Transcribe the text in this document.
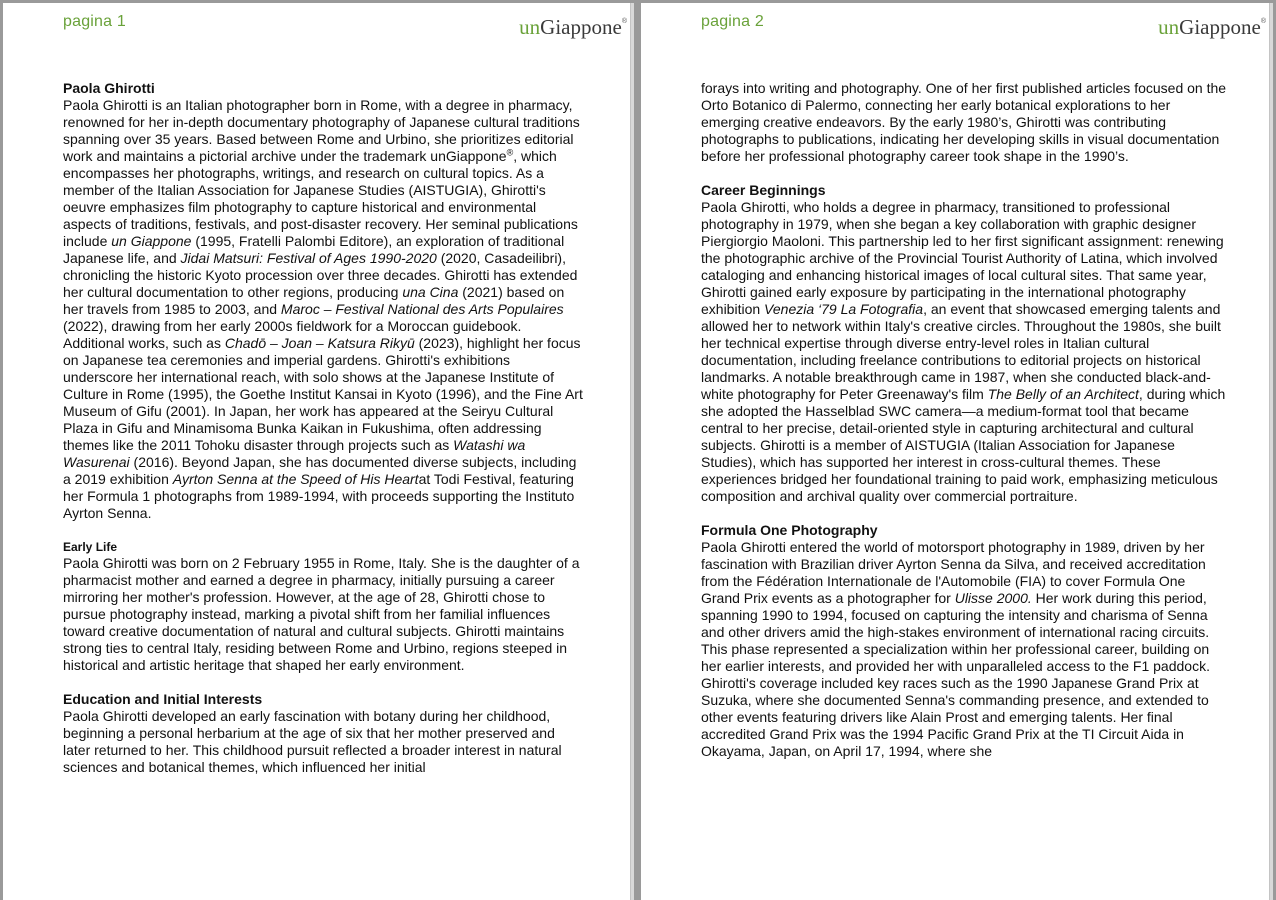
pagina 1	unGiappone®
Paola Ghirotti

Paola Ghirotti is an Italian photographer born in Rome, with a degree in pharmacy, renowned for her in-depth documentary photography of Japanese cultural traditions spanning over 35 years. Based between Rome and Urbino, she prioritizes editorial work and maintains a pictorial archive under the trademark unGiappone®, which encompasses her photographs, writings, and research on cultural topics. As a member of the Italian Association for Japanese Studies (AISTUGIA), Ghirotti's oeuvre emphasizes film photography to capture historical and environmental aspects of traditions, festivals, and post-disaster recovery. Her seminal publications include un Giappone (1995, Fratelli Palombi Editore), an exploration of traditional Japanese life, and Jidai Matsuri: Festival of Ages 1990-2020 (2020, Casadeilibri), chronicling the historic Kyoto procession over three decades. Ghirotti has extended her cultural documentation to other regions, producing una Cina (2021) based on her travels from 1985 to 2003, and Maroc – Festival National des Arts Populaires (2022), drawing from her early 2000s fieldwork for a Moroccan guidebook. Additional works, such as Chadō – Joan – Katsura Rikyū (2023), highlight her focus on Japanese tea ceremonies and imperial gardens. Ghirotti's exhibitions underscore her international reach, with solo shows at the Japanese Institute of Culture in Rome (1995), the Goethe Institut Kansai in Kyoto (1996), and the Fine Art Museum of Gifu (2001). In Japan, her work has appeared at the Seiryu Cultural Plaza in Gifu and Minamisoma Bunka Kaikan in Fukushima, often addressing themes like the 2011 Tohoku disaster through projects such as Watashi wa Wasurenai (2016). Beyond Japan, she has documented diverse subjects, including a 2019 exhibition Ayrton Senna at the Speed of His Heartat Todi Festival, featuring her Formula 1 photographs from 1989-1994, with proceeds supporting the Instituto Ayrton Senna.

Early Life

Paola Ghirotti was born on 2 February 1955 in Rome, Italy. She is the daughter of a pharmacist mother and earned a degree in pharmacy, initially pursuing a career mirroring her mother's profession. However, at the age of 28, Ghirotti chose to pursue photography instead, marking a pivotal shift from her familial influences toward creative documentation of natural and cultural subjects. Ghirotti maintains strong ties to central Italy, residing between Rome and Urbino, regions steeped in historical and artistic heritage that shaped her early environment.

Education and Initial Interests

Paola Ghirotti developed an early fascination with botany during her childhood, beginning a personal herbarium at the age of six that her mother preserved and later returned to her. This childhood pursuit reflected a broader interest in natural sciences and botanical themes, which influenced her initial

pagina 2	unGiappone®

forays into writing and photography. One of her first published articles focused on the Orto Botanico di Palermo, connecting her early botanical explorations to her emerging creative endeavors. By the early 1980’s, Ghirotti was contributing photographs to publications, indicating her developing skills in visual documentation before her professional photography career took shape in the 1990’s.

Career Beginnings

Paola Ghirotti, who holds a degree in pharmacy, transitioned to professional photography in 1979, when she began a key collaboration with graphic designer Piergiorgio Maoloni. This partnership led to her first significant assignment: renewing the photographic archive of the Provincial Tourist Authority of Latina, which involved cataloging and enhancing historical images of local cultural sites. That same year, Ghirotti gained early exposure by participating in the international photography exhibition Venezia ‘79 La Fotografia, an event that showcased emerging talents and allowed her to network within Italy's creative circles. Throughout the 1980s, she built her technical expertise through diverse entry-level roles in Italian cultural documentation, including freelance contributions to editorial projects on historical landmarks. A notable breakthrough came in 1987, when she conducted black-and-white photography for Peter Greenaway's film The Belly of an Architect, during which she adopted the Hasselblad SWC camera—a medium-format tool that became central to her precise, detail-oriented style in capturing architectural and cultural subjects. Ghirotti is a member of AISTUGIA (Italian Association for Japanese Studies), which has supported her interest in cross-cultural themes. These experiences bridged her foundational training to paid work, emphasizing meticulous composition and archival quality over commercial portraiture.

Formula One Photography

Paola Ghirotti entered the world of motorsport photography in 1989, driven by her fascination with Brazilian driver Ayrton Senna da Silva, and received accreditation from the Fédération Internationale de l'Automobile (FIA) to cover Formula One Grand Prix events as a photographer for Ulisse 2000. Her work during this period, spanning 1990 to 1994, focused on capturing the intensity and charisma of Senna and other drivers amid the high-stakes environment of international racing circuits. This phase represented a specialization within her professional career, building on her earlier interests, and provided her with unparalleled access to the F1 paddock. Ghirotti's coverage included key races such as the 1990 Japanese Grand Prix at Suzuka, where she documented Senna's commanding presence, and extended to other events featuring drivers like Alain Prost and emerging talents. Her final accredited Grand Prix was the 1994 Pacific Grand Prix at the TI Circuit Aida in Okayama, Japan, on April 17, 1994, where she
